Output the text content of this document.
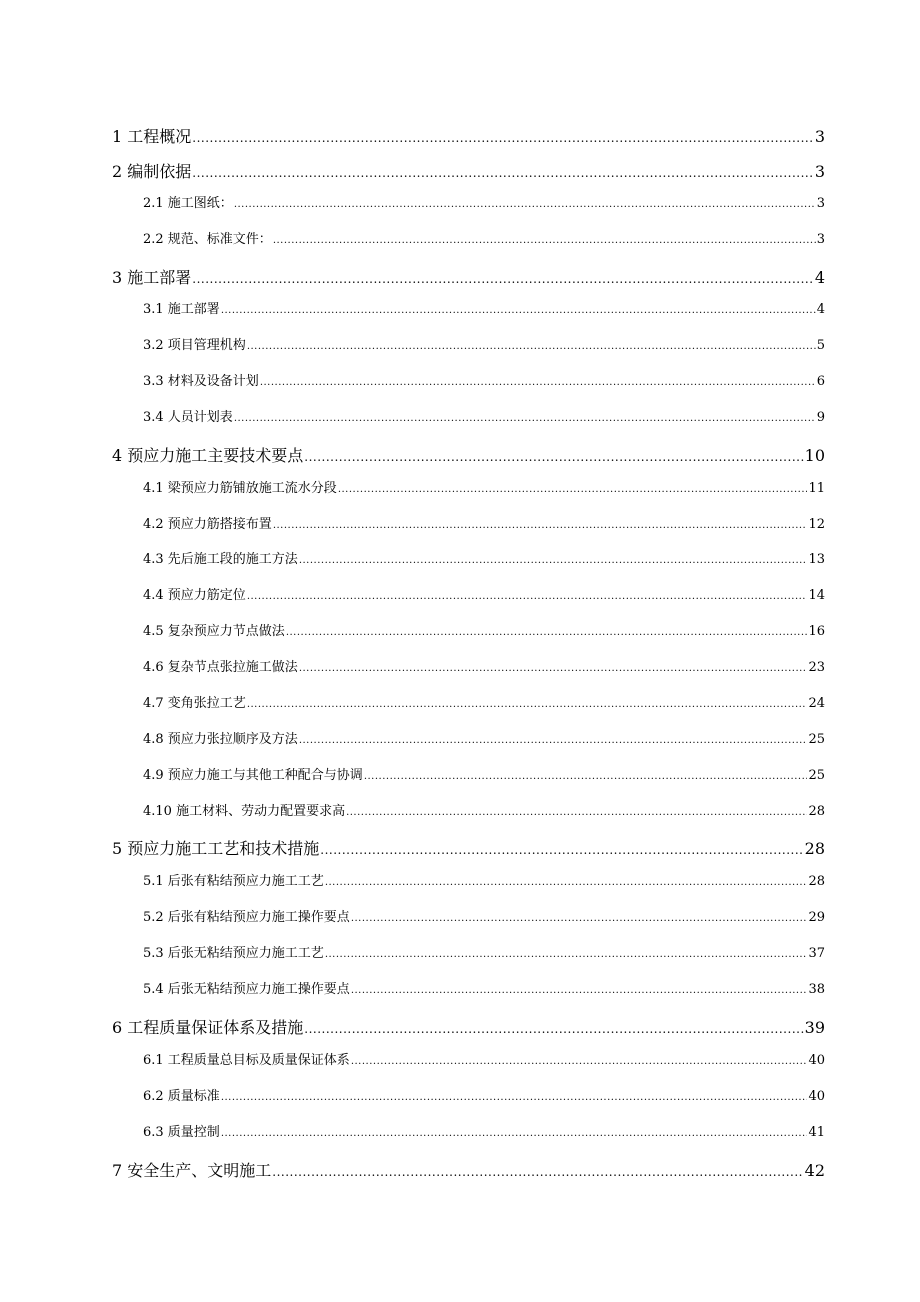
1 工程概况 .....	3
2 编制依据 .....	3
2.1 施工图纸： .....	3
2.2 规范、标准文件： .....	3
3 施工部署 .....	4
3.1 施工部署 .....	4
3.2 项目管理机构 .....	5
3.3 材料及设备计划 .....	6
3.4 人员计划表 .....	9
4 预应力施工主要技术要点 .....	10
4.1 梁预应力筋铺放施工流水分段 .....	11
4.2 预应力筋搭接布置 .....	12
4.3 先后施工段的施工方法 .....	13
4.4 预应力筋定位 .....	14
4.5 复杂预应力节点做法 .....	16
4.6 复杂节点张拉施工做法 .....	23
4.7 变角张拉工艺 .....	24
4.8 预应力张拉顺序及方法 .....	25
4.9 预应力施工与其他工种配合与协调 .....	25
4.10 施工材料、劳动力配置要求高 .....	28
5 预应力施工工艺和技术措施 .....	28
5.1 后张有粘结预应力施工工艺 .....	28
5.2 后张有粘结预应力施工操作要点 .....	29
5.3 后张无粘结预应力施工工艺 .....	37
5.4 后张无粘结预应力施工操作要点 .....	38
6 工程质量保证体系及措施 .....	39
6.1 工程质量总目标及质量保证体系 .....	40
6.2 质量标准 .....	40
6.3 质量控制 .....	41
7 安全生产、文明施工 .....	42
